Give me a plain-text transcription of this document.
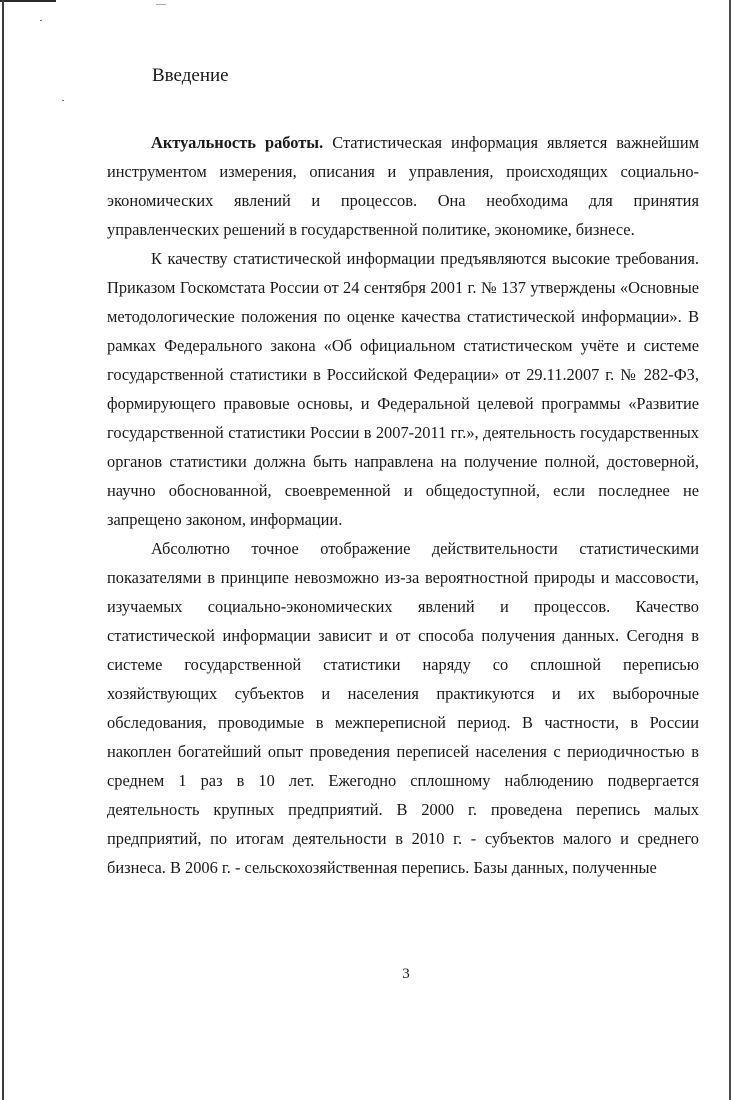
Введение

Актуальность работы. Статистическая информация является важнейшим инструментом измерения, описания и управления, происходящих социально-экономических явлений и процессов. Она необходима для принятия управленческих решений в государственной политике, экономике, бизнесе.

К качеству статистической информации предъявляются высокие требования. Приказом Госкомстата России от 24 сентября 2001 г. № 137 утверждены «Основные методологические положения по оценке качества статистической информации». В рамках Федерального закона «Об официальном статистическом учёте и системе государственной статистики в Российской Федерации» от 29.11.2007 г. № 282-ФЗ, формирующего правовые основы, и Федеральной целевой программы «Развитие государственной статистики России в 2007-2011 гг.», деятельность государственных органов статистики должна быть направлена на получение полной, достоверной, научно обоснованной, своевременной и общедоступной, если последнее не запрещено законом, информации.

Абсолютно точное отображение действительности статистическими показателями в принципе невозможно из-за вероятностной природы и массовости, изучаемых социально-экономических явлений и процессов. Качество статистической информации зависит и от способа получения данных. Сегодня в системе государственной статистики наряду со сплошной переписью хозяйствующих субъектов и населения практикуются и их выборочные обследования, проводимые в межпереписной период. В частности, в России накоплен богатейший опыт проведения переписей населения с периодичностью в среднем 1 раз в 10 лет. Ежегодно сплошному наблюдению подвергается деятельность крупных предприятий. В 2000 г. проведена перепись малых предприятий, по итогам деятельности в 2010 г. - субъектов малого и среднего бизнеса. В 2006 г. - сельскохозяйственная перепись. Базы данных, полученные

3
